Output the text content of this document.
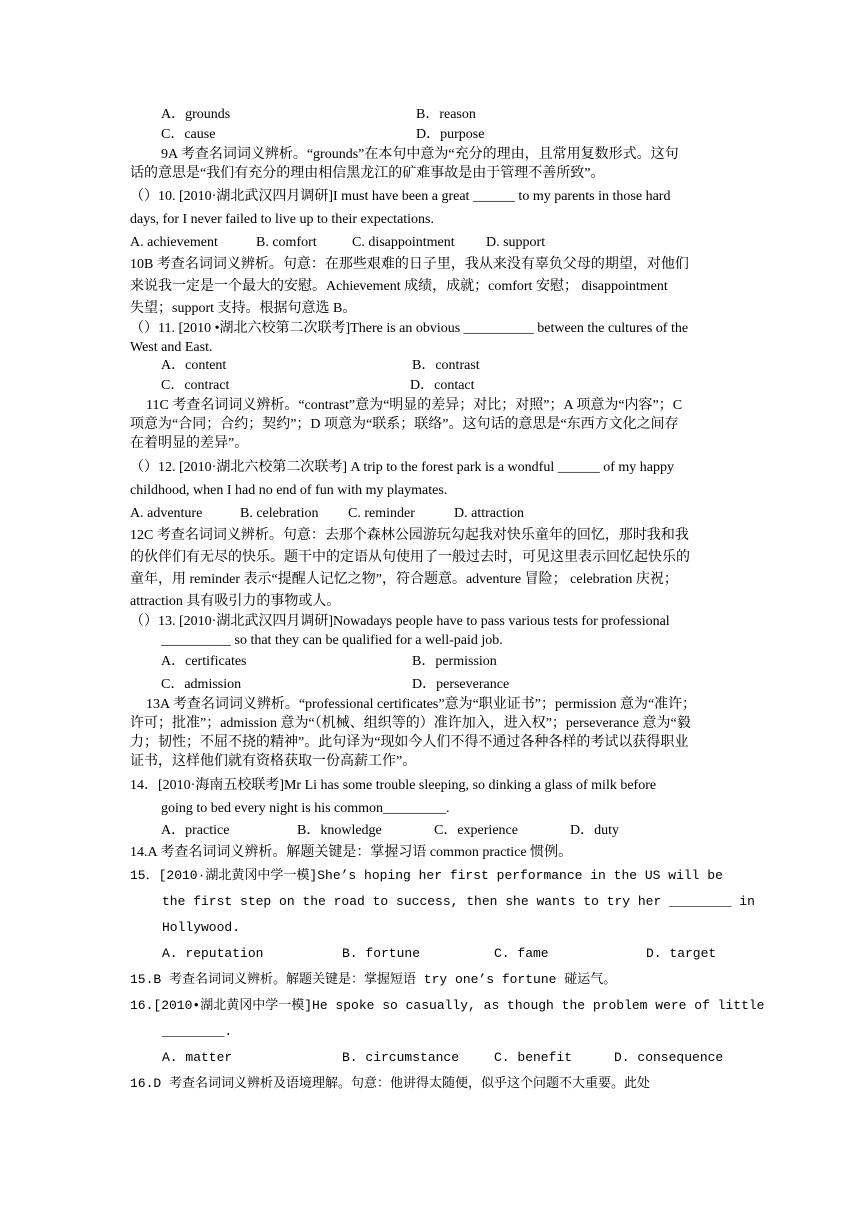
A．grounds	B．reason
C．cause	D．purpose
9A 考查名词词义辨析。“grounds”在本句中意为“充分的理由，且常用复数形式。这句
话的意思是“我们有充分的理由相信黑龙江的矿难事故是由于管理不善所致”。
（）10. [2010·湖北武汉四月调研]I must have been a great ______ to my parents in those hard
days, for I never failed to live up to their expectations.
A. achievement	B. comfort	C. disappointment D. support
10B 考查名词词义辨析。句意：在那些艰难的日子里，我从来没有辜负父母的期望，对他们
来说我一定是一个最大的安慰。Achievement 成绩，成就；comfort 安慰； disappointment
失望；support 支持。根据句意选 B。
（）11. [2010 •湖北六校第二次联考]There is an obvious __________ between the cultures of the
West and East.
A．content	B．contrast
C．contract	D．contact
11C 考查名词词义辨析。“contrast”意为“明显的差异；对比；对照”；A 项意为“内容”；C
项意为“合同；合约；契约”；D 项意为“联系；联络”。这句话的意思是“东西方文化之间存
在着明显的差异”。
（）12. [2010·湖北六校第二次联考] A trip to the forest park is a wondful ______ of my happy
childhood, when I had no end of fun with my playmates.
A. adventure	B. celebration C. reminder	D. attraction
12C 考查名词词义辨析。句意：去那个森林公园游玩勾起我对快乐童年的回忆，那时我和我
的伙伴们有无尽的快乐。题干中的定语从句使用了一般过去时，可见这里表示回忆起快乐的
童年，用 reminder 表示“提醒人记忆之物”，符合题意。adventure 冒险； celebration 庆祝；
attraction 具有吸引力的事物或人。
（）13. [2010·湖北武汉四月调研]Nowadays people have to pass various tests for professional
__________ so that they can be qualified for a well-paid job.
A．certificates	B．permission
C．admission	D．perseverance
13A 考查名词词义辨析。“professional certificates”意为“职业证书”；permission 意为“准许；
许可；批准”；admission 意为“（机械、组织等的）准许加入，进入权”；perseverance 意为“毅
力；韧性；不屈不挠的精神”。此句译为“现如今人们不得不通过各种各样的考试以获得职业
证书，这样他们就有资格获取一份高薪工作”。
14．[2010·海南五校联考]Mr Li has some trouble sleeping, so dinking a glass of milk before
going to bed every night is his common_________.
A．practice	B．knowledge	C．experience	D．duty
14.A 考查名词词义辨析。解题关键是：掌握习语 common practice 惯例。
15．[2010·湖北黄冈中学一模]She’s hoping her first performance in the US will be
the first step on the road to success, then she wants to try her ________ in
Hollywood.
A. reputation	B. fortune	C. fame	D. target
15.B 考查名词词义辨析。解题关键是：掌握短语 try one’s fortune 碰运气。
16.[2010•湖北黄冈中学一模]He spoke so casually, as though the problem were of little
________.
A. matter	B. circumstance	C. benefit	D. consequence
16.D 考查名词词义辨析及语境理解。句意：他讲得太随便，似乎这个问题不大重要。此处
